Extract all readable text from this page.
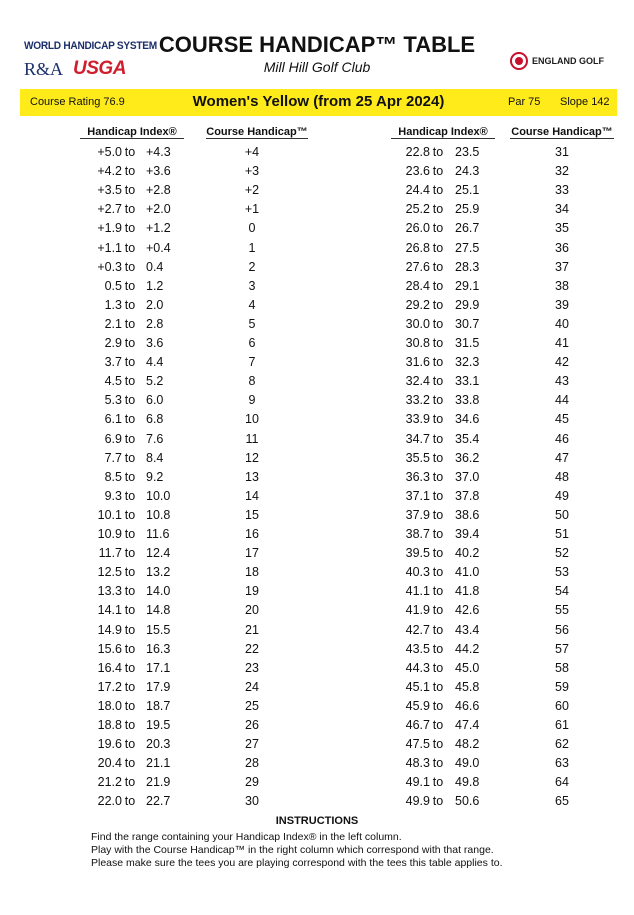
WORLD HANDICAP SYSTEM
R&A USGA
COURSE HANDICAP™ TABLE
Mill Hill Golf Club	ENGLAND GOLF
Course Rating 76.9	Women's Yellow (from 25 Apr 2024)	Par 75 Slope 142
Handicap Index®	Course Handicap™	Handicap Index®	Course Handicap™
+5.0 to +4.3	+4
+4.2 to +3.6	+3
+3.5 to +2.8	+2
+2.7 to +2.0	+1
+1.9 to +1.2	0
+1.1 to +0.4	1
+0.3 to 0.4	2
0.5 to 1.2	3
1.3 to 2.0	4
2.1 to 2.8	5
2.9 to 3.6	6
3.7 to 4.4	7
4.5 to 5.2	8
5.3 to 6.0	9
6.1 to 6.8	10
6.9 to 7.6	11
7.7 to 8.4	12
8.5 to 9.2	13
9.3 to 10.0	14
10.1 to 10.8	15
10.9 to 11.6	16
11.7 to 12.4	17
12.5 to 13.2	18
13.3 to 14.0	19
14.1 to 14.8	20
14.9 to 15.5	21
15.6 to 16.3	22
16.4 to 17.1	23
17.2 to 17.9	24
18.0 to 18.7	25
18.8 to 19.5	26
19.6 to 20.3	27
20.4 to 21.1	28
21.2 to 21.9	29
22.0 to 22.7	30
22.8 to 23.5	31
23.6 to 24.3	32
24.4 to 25.1	33
25.2 to 25.9	34
26.0 to 26.7	35
26.8 to 27.5	36
27.6 to 28.3	37
28.4 to 29.1	38
29.2 to 29.9	39
30.0 to 30.7	40
30.8 to 31.5	41
31.6 to 32.3	42
32.4 to 33.1	43
33.2 to 33.8	44
33.9 to 34.6	45
34.7 to 35.4	46
35.5 to 36.2	47
36.3 to 37.0	48
37.1 to 37.8	49
37.9 to 38.6	50
38.7 to 39.4	51
39.5 to 40.2	52
40.3 to 41.0	53
41.1 to 41.8	54
41.9 to 42.6	55
42.7 to 43.4	56
43.5 to 44.2	57
44.3 to 45.0	58
45.1 to 45.8	59
45.9 to 46.6	60
46.7 to 47.4	61
47.5 to 48.2	62
48.3 to 49.0	63
49.1 to 49.8	64
49.9 to 50.6	65
INSTRUCTIONS
Find the range containing your Handicap Index® in the left column.
Play with the Course Handicap™ in the right column which correspond with that range.
Please make sure the tees you are playing correspond with the tees this table applies to.
